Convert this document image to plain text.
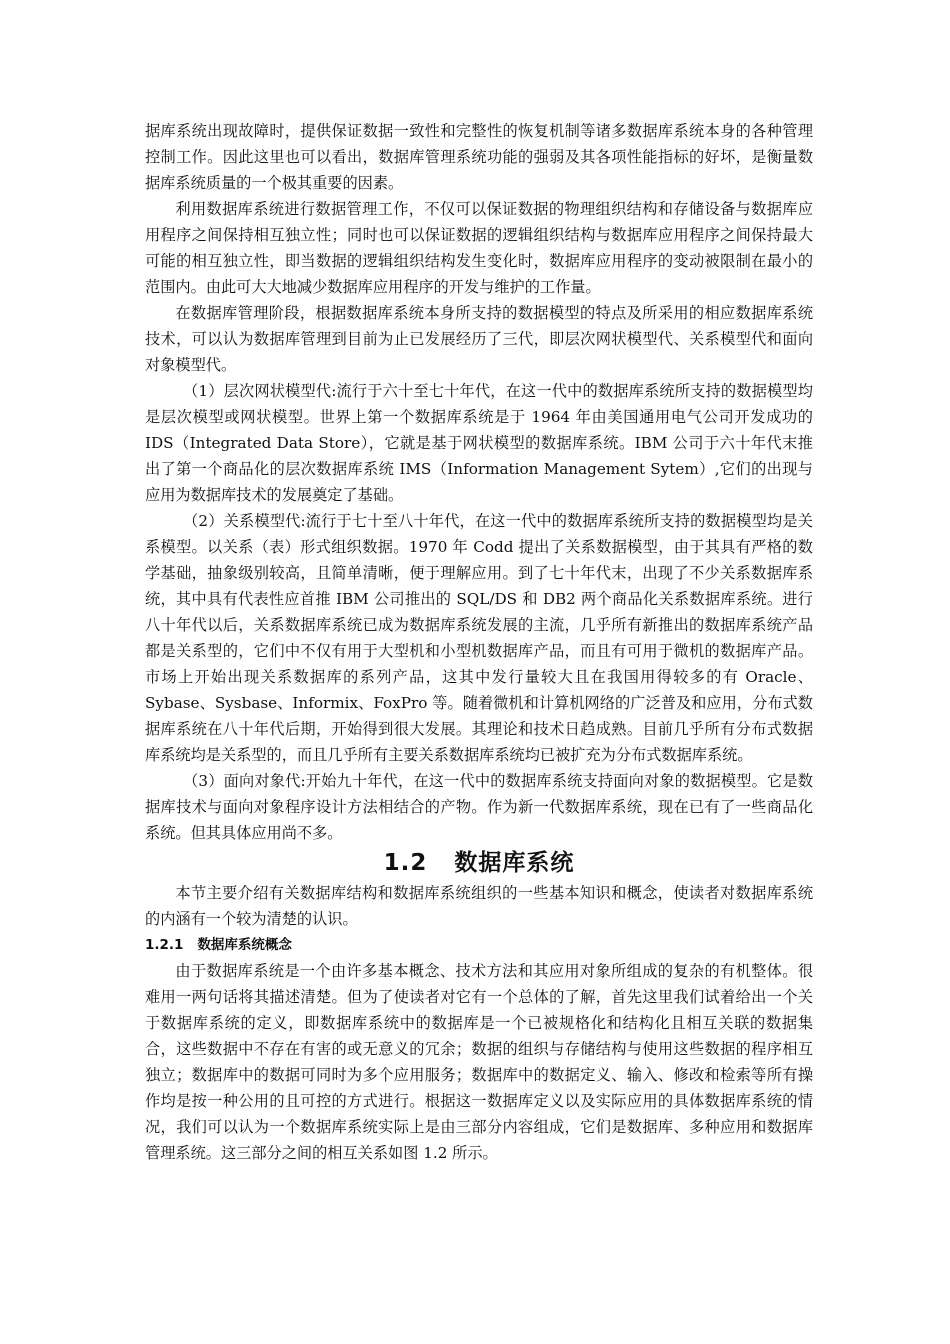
据库系统出现故障时，提供保证数据一致性和完整性的恢复机制等诸多数据库系统本身的各种管理控制工作。因此这里也可以看出，数据库管理系统功能的强弱及其各项性能指标的好坏，是衡量数据库系统质量的一个极其重要的因素。

利用数据库系统进行数据管理工作，不仅可以保证数据的物理组织结构和存储设备与数据库应用程序之间保持相互独立性；同时也可以保证数据的逻辑组织结构与数据库应用程序之间保持最大可能的相互独立性，即当数据的逻辑组织结构发生变化时，数据库应用程序的变动被限制在最小的范围内。由此可大大地减少数据库应用程序的开发与维护的工作量。

在数据库管理阶段，根据数据库系统本身所支持的数据模型的特点及所采用的相应数据库系统技术，可以认为数据库管理到目前为止已发展经历了三代，即层次网状模型代、关系模型代和面向对象模型代。

（1）层次网状模型代:流行于六十至七十年代，在这一代中的数据库系统所支持的数据模型均是层次模型或网状模型。世界上第一个数据库系统是于 1964 年由美国通用电气公司开发成功的 IDS（Integrated Data Store），它就是基于网状模型的数据库系统。IBM 公司于六十年代末推出了第一个商品化的层次数据库系统 IMS（Information Management Sytem）,它们的出现与应用为数据库技术的发展奠定了基础。

（2）关系模型代:流行于七十至八十年代，在这一代中的数据库系统所支持的数据模型均是关系模型。以关系（表）形式组织数据。1970 年 Codd 提出了关系数据模型，由于其具有严格的数学基础，抽象级别较高，且简单清晰，便于理解应用。到了七十年代末，出现了不少关系数据库系统，其中具有代表性应首推 IBM 公司推出的 SQL/DS 和 DB2 两个商品化关系数据库系统。进行八十年代以后，关系数据库系统已成为数据库系统发展的主流，几乎所有新推出的数据库系统产品都是关系型的，它们中不仅有用于大型机和小型机数据库产品，而且有可用于微机的数据库产品。市场上开始出现关系数据库的系列产品，这其中发行量较大且在我国用得较多的有 Oracle、Sybase、Sysbase、Informix、FoxPro 等。随着微机和计算机网络的广泛普及和应用，分布式数据库系统在八十年代后期，开始得到很大发展。其理论和技术日趋成熟。目前几乎所有分布式数据库系统均是关系型的，而且几乎所有主要关系数据库系统均已被扩充为分布式数据库系统。

（3）面向对象代:开始九十年代，在这一代中的数据库系统支持面向对象的数据模型。它是数据库技术与面向对象程序设计方法相结合的产物。作为新一代数据库系统，现在已有了一些商品化系统。但其具体应用尚不多。

1.2 数据库系统

本节主要介绍有关数据库结构和数据库系统组织的一些基本知识和概念，使读者对数据库系统的内涵有一个较为清楚的认识。

1.2.1 数据库系统概念

由于数据库系统是一个由许多基本概念、技术方法和其应用对象所组成的复杂的有机整体。很难用一两句话将其描述清楚。但为了使读者对它有一个总体的了解，首先这里我们试着给出一个关于数据库系统的定义，即数据库系统中的数据库是一个已被规格化和结构化且相互关联的数据集合，这些数据中不存在有害的或无意义的冗余；数据的组织与存储结构与使用这些数据的程序相互独立；数据库中的数据可同时为多个应用服务；数据库中的数据定义、输入、修改和检索等所有操作均是按一种公用的且可控的方式进行。根据这一数据库定义以及实际应用的具体数据库系统的情况，我们可以认为一个数据库系统实际上是由三部分内容组成，它们是数据库、多种应用和数据库管理系统。这三部分之间的相互关系如图 1.2 所示。
